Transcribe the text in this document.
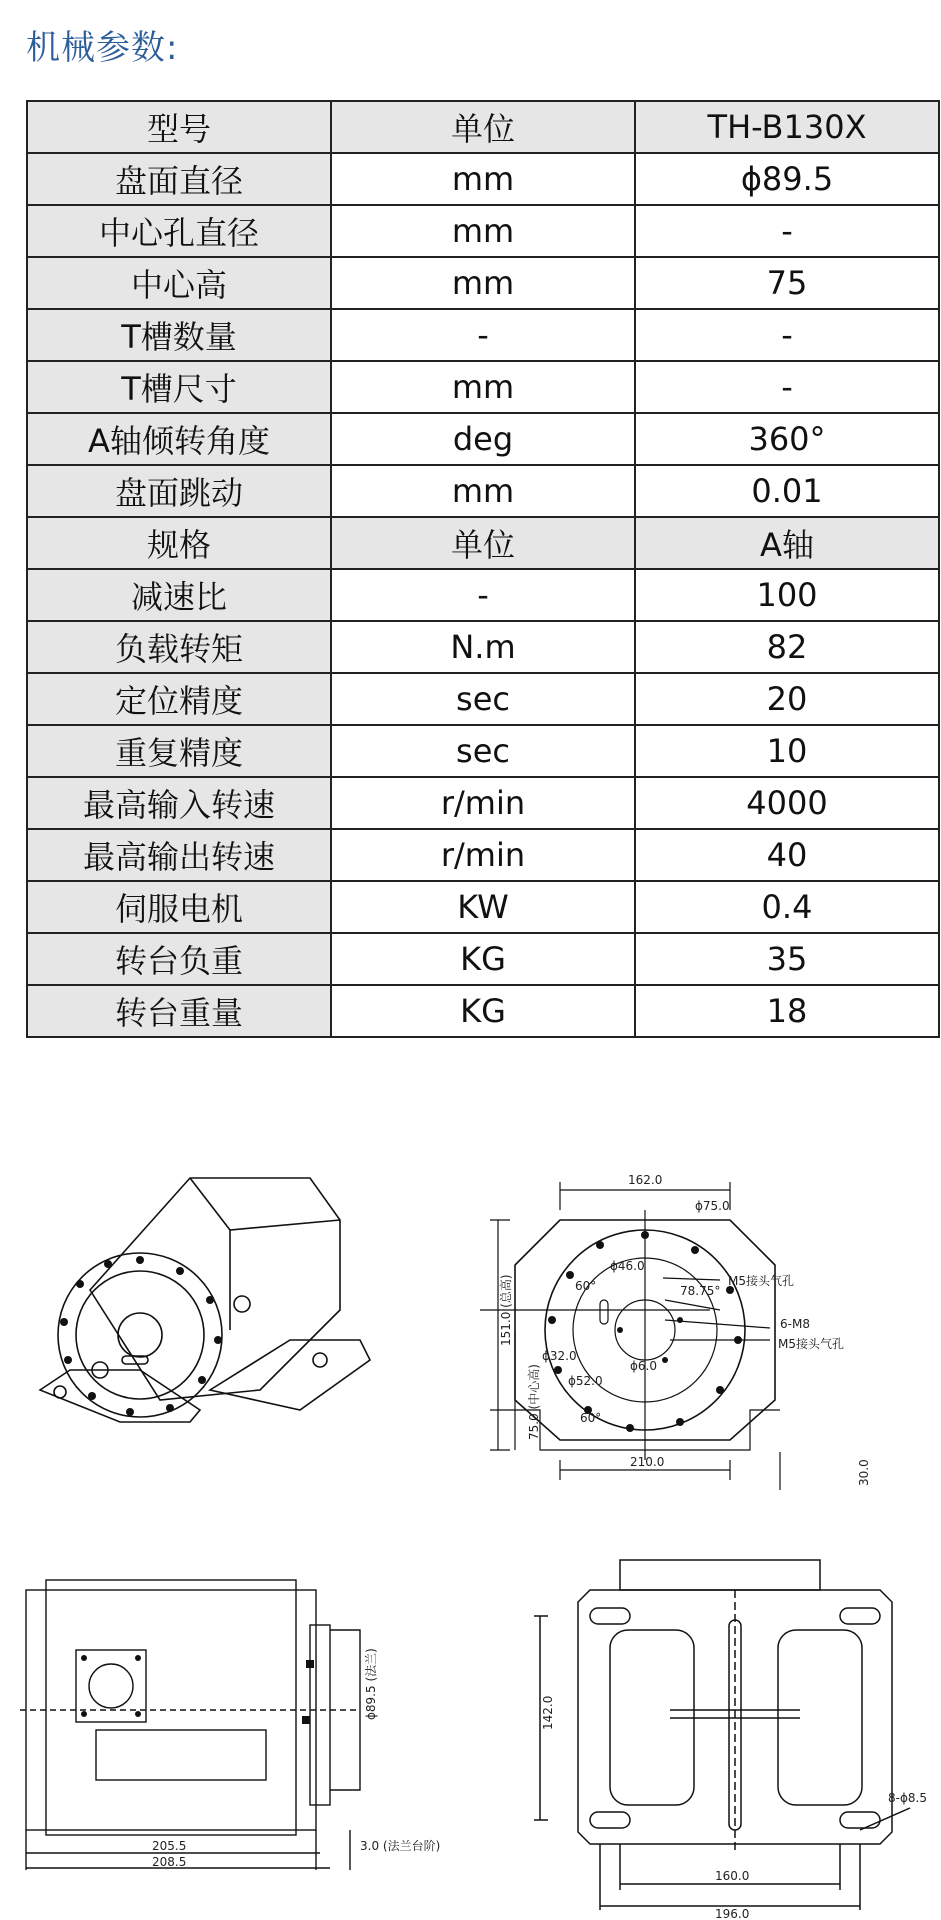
机械参数:
型号	单位	TH-B130X
盘面直径	mm	ϕ89.5
中心孔直径	mm	-
中心高	mm	75
T槽数量	-	-
T槽尺寸	mm	-
A轴倾转角度	deg	360°
盘面跳动	mm	0.01
规格	单位	A轴
减速比	-	100
负载转矩	N.m	82
定位精度	sec	20
重复精度	sec	10
最高输入转速	r/min	4000
最高输出转速	r/min	40
伺服电机	KW	0.4
转台负重	KG	35
转台重量	KG	18
162.0
ϕ75.0
ϕ46.0
60°	78.75°
M5接头气孔
151.0 (总高)
75.0 (中心高)
ϕ32.0
ϕ52.0
ϕ6.0
6-M8
M5接头气孔
60°
210.0	30.0
ϕ89.5 (法兰)
205.5
208.5
3.0 (法兰台阶)
142.0
8-ϕ8.5
160.0
196.0
